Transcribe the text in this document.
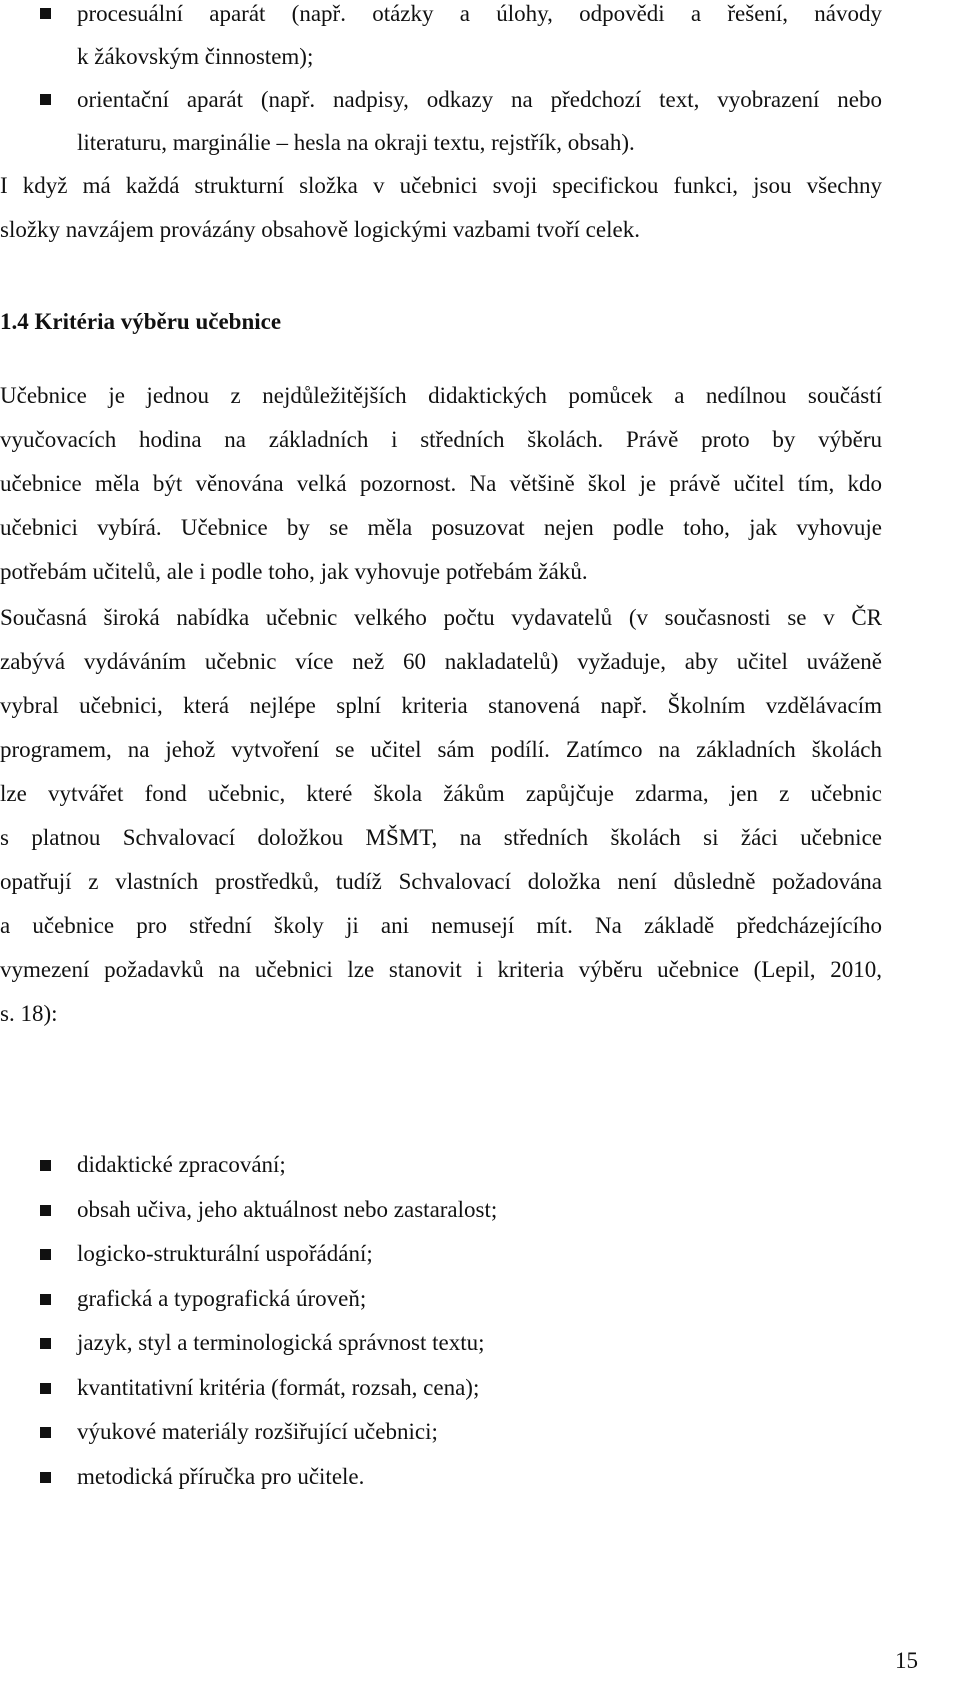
procesuální aparát (např. otázky a úlohy, odpovědi a řešení, návody
k žákovským činnostem);
orientační aparát (např. nadpisy, odkazy na předchozí text, vyobrazení nebo
literaturu, marginálie – hesla na okraji textu, rejstřík, obsah).
I když má každá strukturní složka v učebnici svoji specifickou funkci, jsou všechny
složky navzájem provázány obsahově logickými vazbami tvoří celek.
1.4 Kritéria výběru učebnice
Učebnice je jednou z nejdůležitějších didaktických pomůcek a nedílnou součástí
vyučovacích hodina na základních i středních školách. Právě proto by výběru
učebnice měla být věnována velká pozornost. Na většině škol je právě učitel tím, kdo
učebnici vybírá. Učebnice by se měla posuzovat nejen podle toho, jak vyhovuje
potřebám učitelů, ale i podle toho, jak vyhovuje potřebám žáků.
Současná široká nabídka učebnic velkého počtu vydavatelů (v současnosti se v ČR
zabývá vydáváním učebnic více než 60 nakladatelů) vyžaduje, aby učitel uváženě
vybral učebnici, která nejlépe splní kriteria stanovená např. Školním vzdělávacím
programem, na jehož vytvoření se učitel sám podílí. Zatímco na základních školách
lze vytvářet fond učebnic, které škola žákům zapůjčuje zdarma, jen z učebnic
s platnou Schvalovací doložkou MŠMT, na středních školách si žáci učebnice
opatřují z vlastních prostředků, tudíž Schvalovací doložka není důsledně požadována
a učebnice pro střední školy ji ani nemusejí mít. Na základě předcházejícího
vymezení požadavků na učebnici lze stanovit i kriteria výběru učebnice (Lepil, 2010,
s. 18):
didaktické zpracování;
obsah učiva, jeho aktuálnost nebo zastaralost;
logicko-strukturální uspořádání;
grafická a typografická úroveň;
jazyk, styl a terminologická správnost textu;
kvantitativní kritéria (formát, rozsah, cena);
výukové materiály rozšiřující učebnici;
metodická příručka pro učitele.
15
